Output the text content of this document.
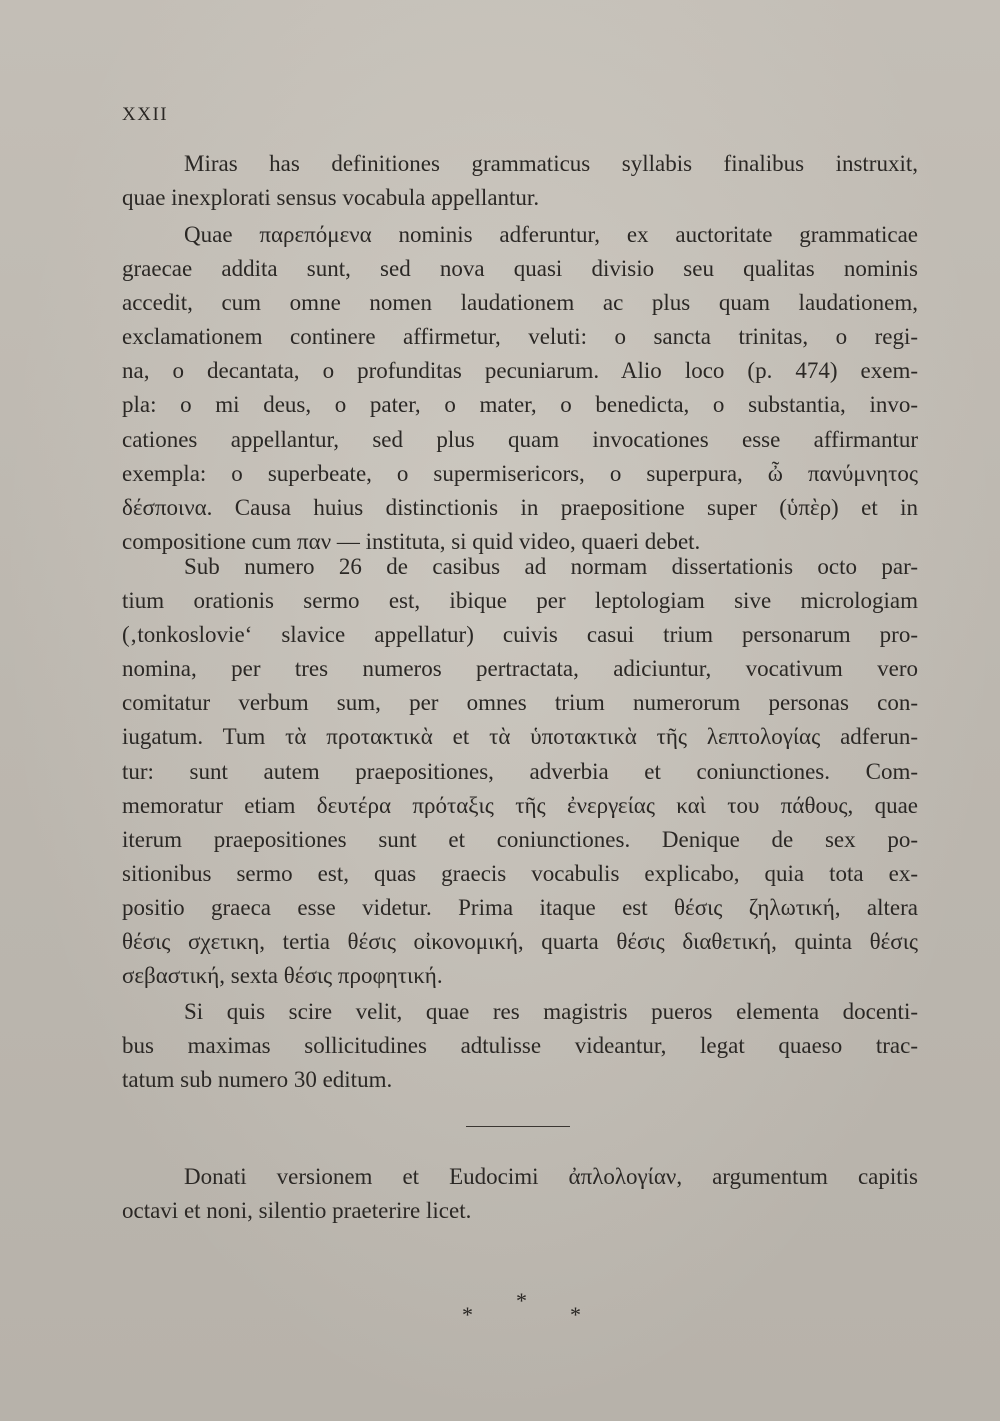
XXII
Miras has definitiones grammaticus syllabis finalibus instruxit,
quae inexplorati sensus vocabula appellantur.
Quae παρεπόμενα nominis adferuntur, ex auctoritate grammaticae
graecae addita sunt, sed nova quasi divisio seu qualitas nominis
accedit, cum omne nomen laudationem ac plus quam laudationem,
exclamationem continere affirmetur, veluti: o sancta trinitas, o regi-
na, o decantata, o profunditas pecuniarum. Alio loco (p. 474) exem-
pla: o mi deus, o pater, o mater, o benedicta, o substantia, invo-
cationes appellantur, sed plus quam invocationes esse affirmantur
exempla: o superbeate, o supermisericors, o superpura, ὦ πανύμνητος
δέσποινα. Causa huius distinctionis in praepositione super (ὑπὲρ) et in
compositione cum παν — instituta, si quid video, quaeri debet.
Sub numero 26 de casibus ad normam dissertationis octo par-
tium orationis sermo est, ibique per leptologiam sive micrologiam
(‚tonkoslovie‘ slavice appellatur) cuivis casui trium personarum pro-
nomina, per tres numeros pertractata, adiciuntur, vocativum vero
comitatur verbum sum, per omnes trium numerorum personas con-
iugatum. Tum τὰ προτακτικὰ et τὰ ὑποτακτικὰ τῆς λεπτολογίας adferun-
tur: sunt autem praepositiones, adverbia et coniunctiones. Com-
memoratur etiam δευτέρα πρόταξις τῆς ἐνεργείας καὶ του πάθους, quae
iterum praepositiones sunt et coniunctiones. Denique de sex po-
sitionibus sermo est, quas graecis vocabulis explicabo, quia tota ex-
positio graeca esse videtur. Prima itaque est θέσις ζηλωτική, altera
θέσις σχετικη, tertia θέσις οἰκονομική, quarta θέσις διαθετική, quinta θέσις
σεβαστική, sexta θέσις προφητική.
Si quis scire velit, quae res magistris pueros elementa docenti-
bus maximas sollicitudines adtulisse videantur, legat quaeso trac-
tatum sub numero 30 editum.
Donati versionem et Eudocimi ἀπλολογίαν, argumentum capitis
octavi et noni, silentio praeterire licet.
*
*
*
